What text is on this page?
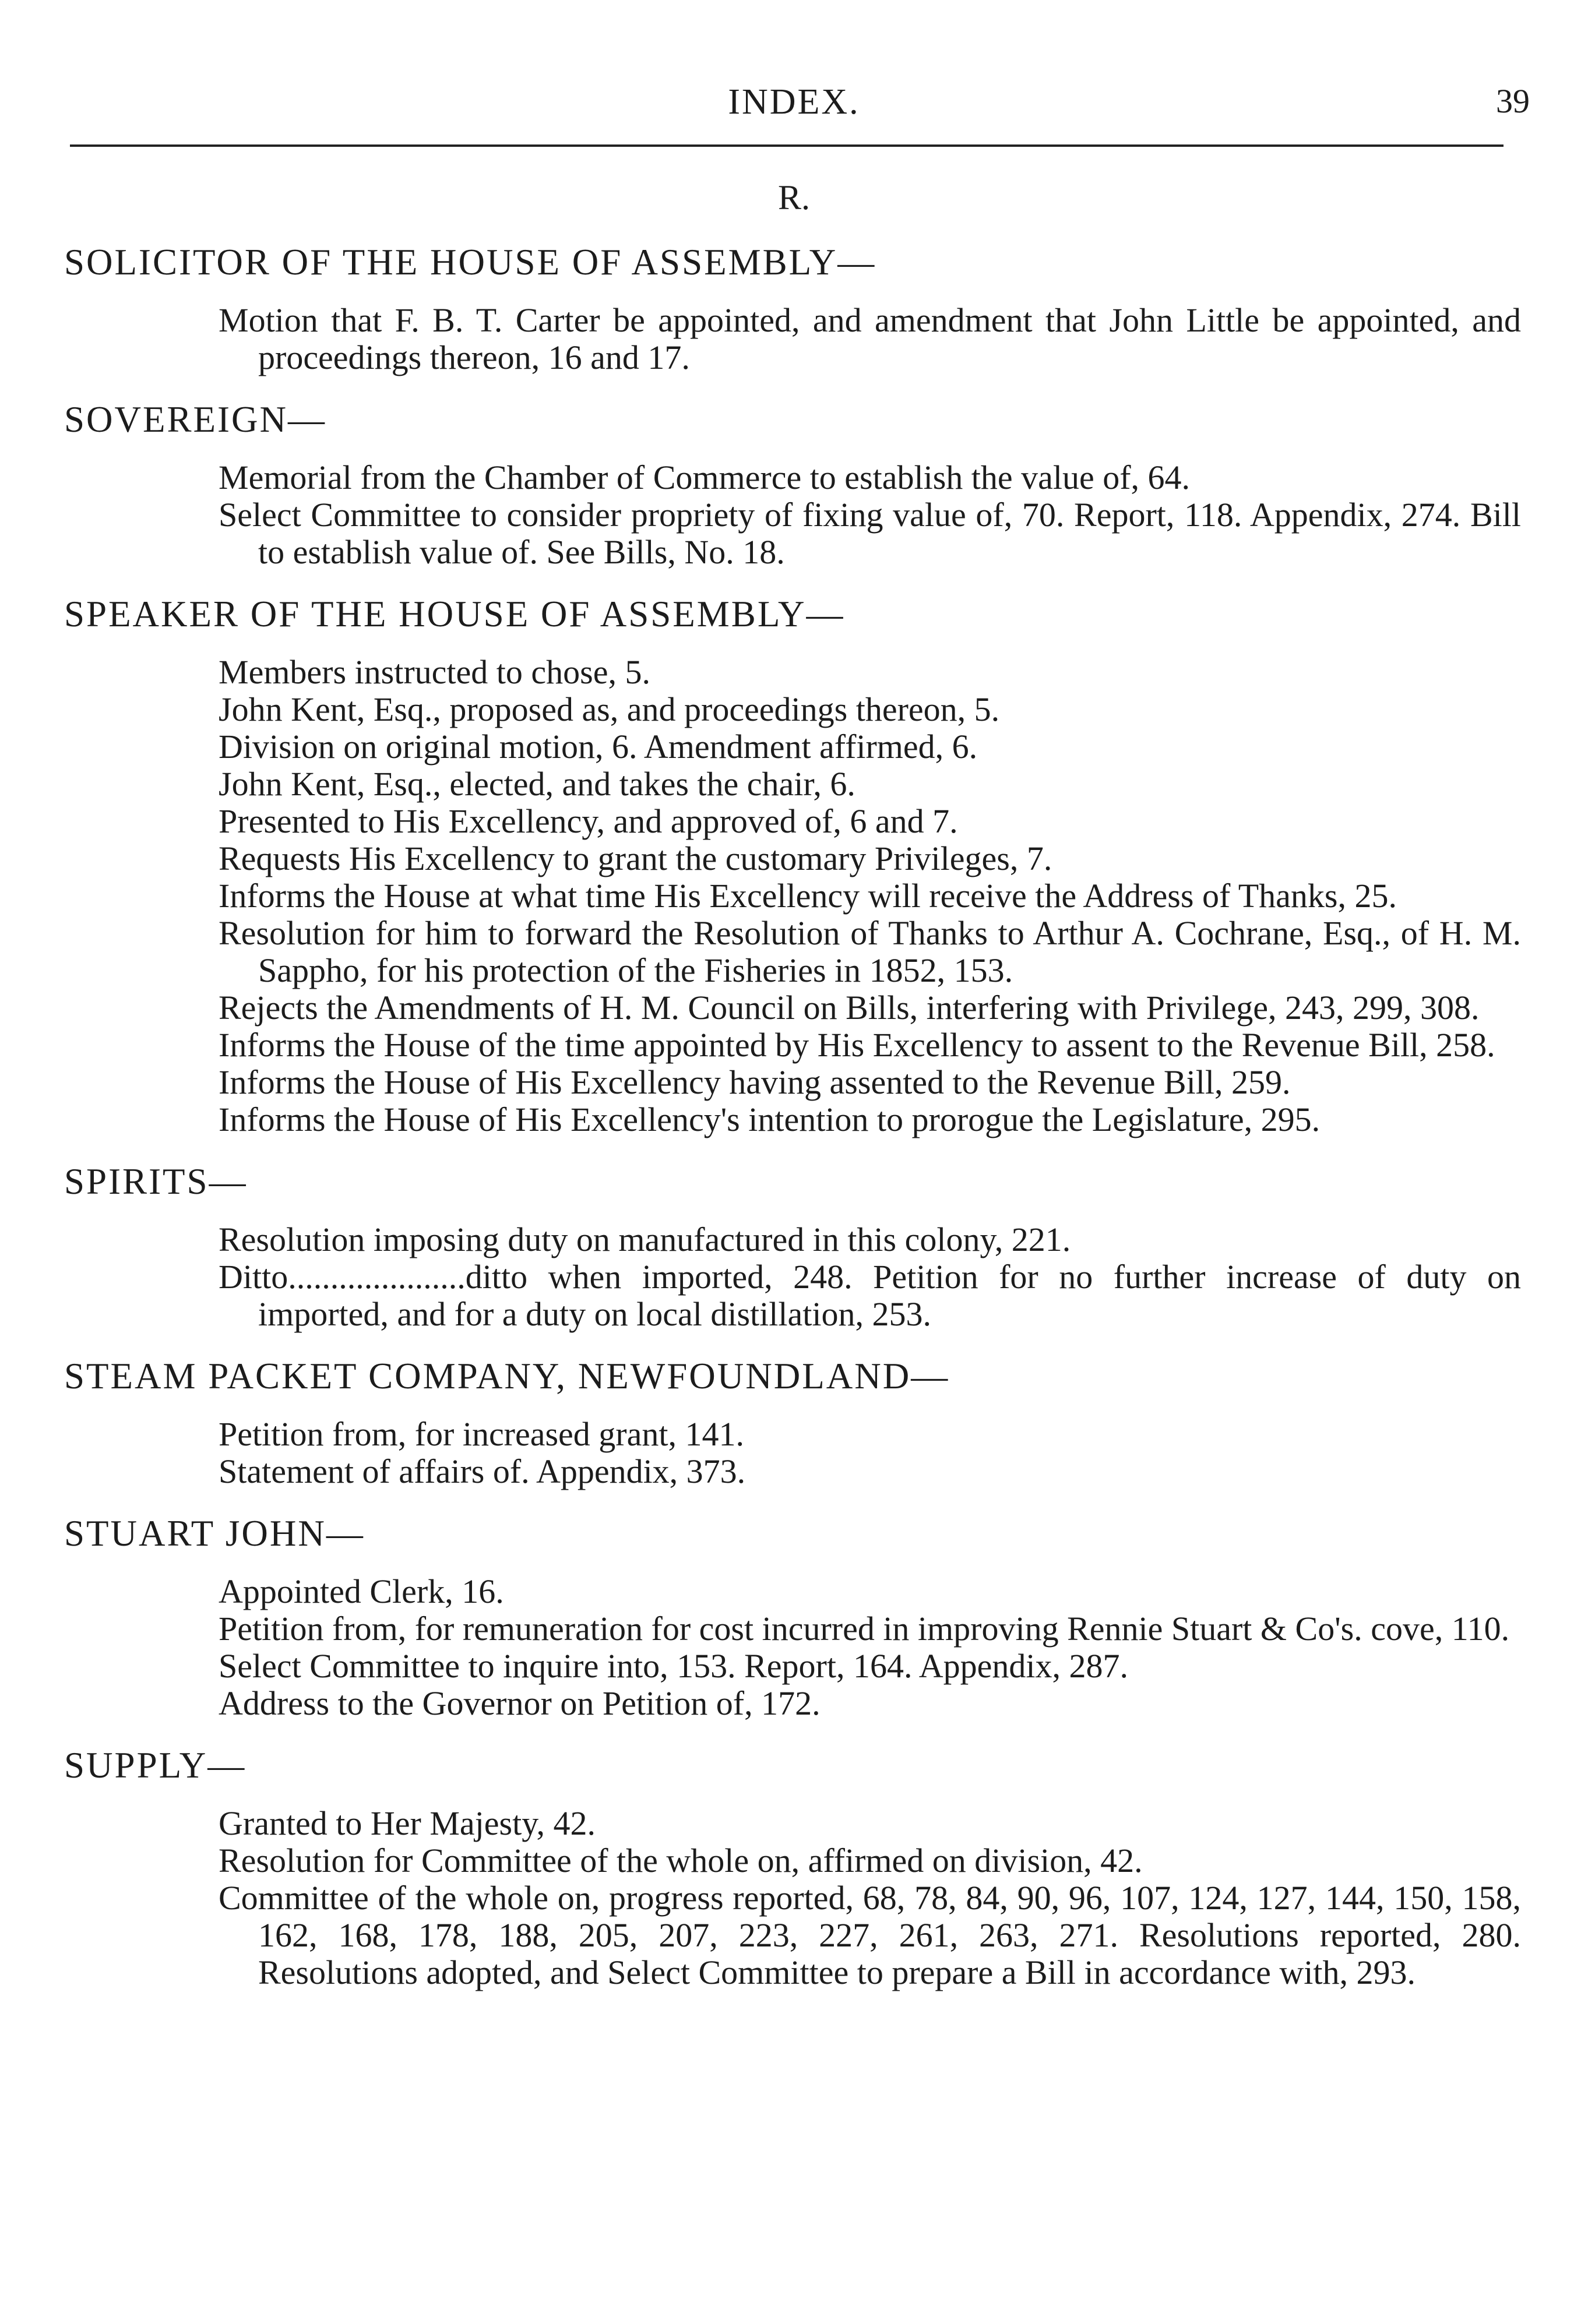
INDEX.	39
R.
SOLICITOR OF THE HOUSE OF ASSEMBLY—

Motion that F. B. T. Carter be appointed, and amendment that John Little be appointed, and proceedings thereon, 16 and 17.

SOVEREIGN—

Memorial from the Chamber of Commerce to establish the value of, 64.

Select Committee to consider propriety of fixing value of, 70. Report, 118. Appendix, 274. Bill to establish value of. See Bills, No. 18.

SPEAKER OF THE HOUSE OF ASSEMBLY—

Members instructed to chose, 5.

John Kent, Esq., proposed as, and proceedings thereon, 5.

Division on original motion, 6. Amendment affirmed, 6.

John Kent, Esq., elected, and takes the chair, 6.

Presented to His Excellency, and approved of, 6 and 7.

Requests His Excellency to grant the customary Privileges, 7.

Informs the House at what time His Excellency will receive the Address of Thanks, 25.

Resolution for him to forward the Resolution of Thanks to Arthur A. Cochrane, Esq., of H. M. Sappho, for his protection of the Fisheries in 1852, 153.

Rejects the Amendments of H. M. Council on Bills, interfering with Privilege, 243, 299, 308.

Informs the House of the time appointed by His Excellency to assent to the Revenue Bill, 258.

Informs the House of His Excellency having assented to the Revenue Bill, 259.

Informs the House of His Excellency's intention to prorogue the Legislature, 295.

SPIRITS—

Resolution imposing duty on manufactured in this colony, 221.

Ditto.....................ditto when imported, 248. Petition for no further increase of duty on imported, and for a duty on local distillation, 253.

STEAM PACKET COMPANY, NEWFOUNDLAND—

Petition from, for increased grant, 141.

Statement of affairs of. Appendix, 373.

STUART JOHN—

Appointed Clerk, 16.

Petition from, for remuneration for cost incurred in improving Rennie Stuart & Co's. cove, 110.

Select Committee to inquire into, 153. Report, 164. Appendix, 287.

Address to the Governor on Petition of, 172.

SUPPLY—

Granted to Her Majesty, 42.

Resolution for Committee of the whole on, affirmed on division, 42.

Committee of the whole on, progress reported, 68, 78, 84, 90, 96, 107, 124, 127, 144, 150, 158, 162, 168, 178, 188, 205, 207, 223, 227, 261, 263, 271. Resolutions reported, 280. Resolutions adopted, and Select Committee to prepare a Bill in accordance with, 293.
